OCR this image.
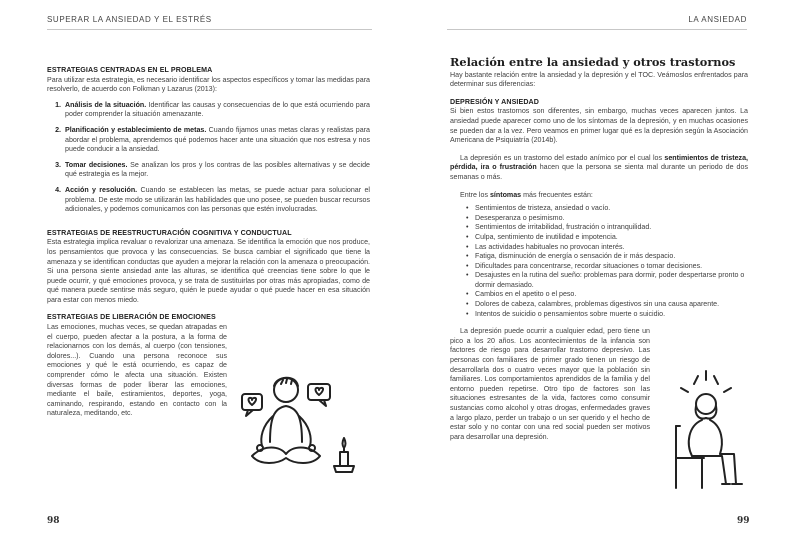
SUPERAR LA ANSIEDAD Y EL ESTRÉS	LA ANSIEDAD
ESTRATEGIAS CENTRADAS EN EL PROBLEMA

Para utilizar esta estrategia, es necesario identificar los aspectos específicos y tomar las medidas para resolverlo, de acuerdo con Folkman y Lazarus (2013):

1. Análisis de la situación. Identificar las causas y consecuencias de lo que está ocurriendo para poder comprender la situación amenazante.
2. Planificación y establecimiento de metas. Cuando fijamos unas metas claras y realistas para abordar el problema, aprendemos qué podemos hacer ante una situación que nos estresa y nos puede conducir a la ansiedad.
3. Tomar decisiones. Se analizan los pros y los contras de las posibles alternativas y se decide qué estrategia es la mejor.
4. Acción y resolución. Cuando se establecen las metas, se puede actuar para solucionar el problema. De este modo se utilizarán las habilidades que uno posee, se pueden buscar recursos adicionales, y podemos comunicarnos con las personas que estén involucradas.
ESTRATEGIAS DE REESTRUCTURACIÓN COGNITIVA Y CONDUCTUAL

Esta estrategia implica revaluar o revalorizar una amenaza. Se identifica la emoción que nos produce, los pensamientos que provoca y las consecuencias. Se busca cambiar el significado que tiene la amenaza y se identifican conductas que ayuden a mejorar la relación con la amenaza o preocupación. Si una persona siente ansiedad ante las alturas, se identifica qué creencias tiene sobre lo que le puede ocurrir, y qué emociones provoca, y se trata de sustituirlas por otras más apropiadas, como de qué manera puede sentirse más seguro, quién le puede ayudar o qué puede hacer en esa situación para estar con menos miedo.

ESTRATEGIAS DE LIBERACIÓN DE EMOCIONES

Las emociones, muchas veces, se quedan atrapadas en el cuerpo, pueden afectar a la postura, a la forma de relacionarnos con los demás, al cuerpo (con tensiones, dolores...). Cuando una persona reconoce sus emociones y qué le está ocurriendo, es capaz de comprender cómo le afecta una situación. Existen diversas formas de poder liberar las emociones, mediante el baile, estiramientos, deportes, yoga, caminando, respirando, estando en contacto con la naturaleza, meditando, etc.

Relación entre la ansiedad y otros trastornos

Hay bastante relación entre la ansiedad y la depresión y el TOC. Veámoslos enfrentados para determinar sus diferencias:

DEPRESIÓN Y ANSIEDAD

Si bien estos trastornos son diferentes, sin embargo, muchas veces aparecen juntos. La ansiedad puede aparecer como uno de los síntomas de la depresión, y en muchas ocasiones se pueden dar a la vez. Pero veamos en primer lugar qué es la depresión según la Asociación Americana de Psiquiatría (2014b).

La depresión es un trastorno del estado anímico por el cual los sentimientos de tristeza, pérdida, ira o frustración hacen que la persona se sienta mal durante un periodo de dos semanas o más.

Entre los síntomas más frecuentes están:

• Sentimientos de tristeza, ansiedad o vacío.
• Desesperanza o pesimismo.
• Sentimientos de irritabilidad, frustración o intranquilidad.
• Culpa, sentimiento de inutilidad e impotencia.
• Las actividades habituales no provocan interés.
• Fatiga, disminución de energía o sensación de ir más despacio.
• Dificultades para concentrarse, recordar situaciones o tomar decisiones.
• Desajustes en la rutina del sueño: problemas para dormir, poder despertarse pronto o dormir demasiado.
• Cambios en el apetito o el peso.
• Dolores de cabeza, calambres, problemas digestivos sin una causa aparente.
• Intentos de suicidio o pensamientos sobre muerte o suicidio.

La depresión puede ocurrir a cualquier edad, pero tiene un pico a los 20 años. Los acontecimientos de la infancia son factores de riesgo para desarrollar trastorno depresivo. Las personas con familiares de primer grado tienen un riesgo de desarrollarla dos o cuatro veces mayor que la población sin familiares. Los comportamientos aprendidos de la familia y del entorno pueden repetirse. Otro tipo de factores son las situaciones estresantes de la vida, factores como consumir sustancias como alcohol y otras drogas, enfermedades graves a largo plazo, perder un trabajo o un ser querido y el hecho de estar solo y no contar con una red social pueden ser motivos para desarrollar una depresión.

98	99
